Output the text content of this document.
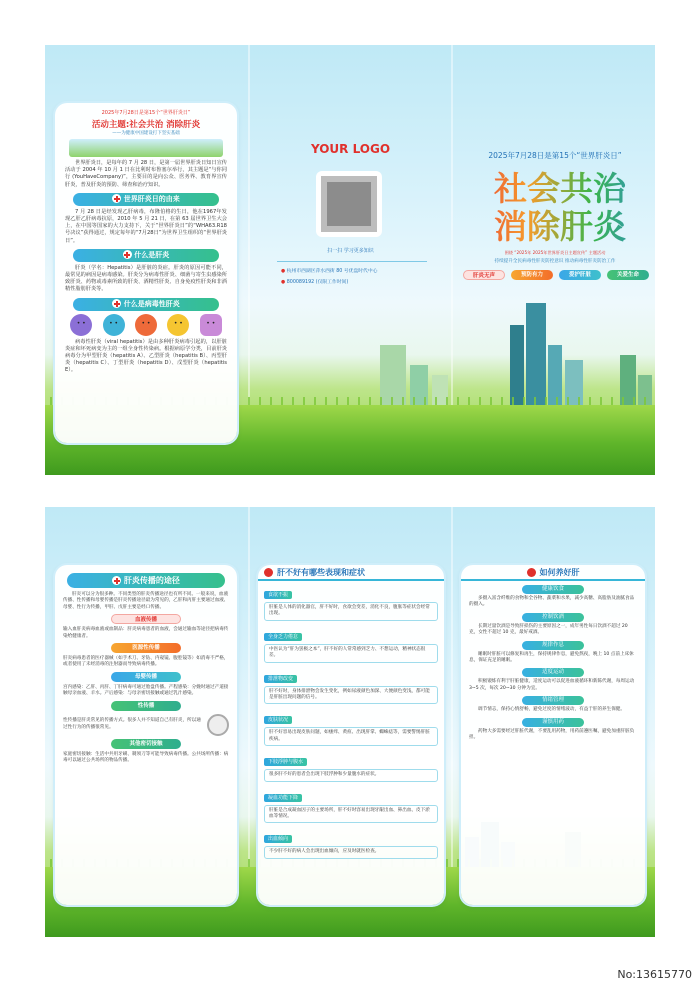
2025年7月28日是第15个“世界肝炎日”
活动主题:社会共治 消除肝炎
——为健康中国建设打下坚实基础

世界肝炎日，是每年的 7 月 28 日，是第一届世界肝炎日知日宣传活动于 2004 年 10 月 1 日在比利时布鲁塞尔举行，其主题是“与你同行 (YouHaveCompany)”，主要目的是向公众、医务界、教育界宣传肝炎，普及肝炎的预防、筛查和治疗知识。

世界肝炎日的由来

7 月 28 日是经发现乙肝病毒，布隆伯格的生日，他在1967年发现乙肝乙肝病毒抗原，2010 年 5 月 21 日，在第 63 届世界卫生大会上，在中国等国家的大力支持下，关于“世界肝炎日”的“WHA63.R18 号决议”获得通过，规定每年的“7月28日”为世界卫生组织的“世界肝炎日”。

什么是肝炎

肝炎（学名：Hepatitis）是肝脏的炎症。肝炎的原因可能不同，最常见的病因是病毒感染。肝炎分为病毒性肝炎、细菌与寄生虫感染所致肝炎、药物或毒素所致的肝炎、酒精性肝炎、自身免疫性肝炎和非酒精性脂肪肝炎等。

什么是病毒性肝炎
• •
• •
• •
• •
• •

病毒性肝炎（viral hepatitis）是由多种肝炎病毒引起的，以肝脏炎症和坏死病变为主的一组全身性传染病。根据病原学分类，目前肝炎病毒分为甲型肝炎（hepatitis A）、乙型肝炎（hepatitis B）、丙型肝炎（hepatitis C）、丁型肝炎（hepatitis D）、戊型肝炎（hepatitis E）。

YOUR LOGO
扫一扫 学习更多知识
● 杭州市西湖区萍水西街 80 号优盘时代中心
● 800089192 (仅限工作时间)
2025年7月28日是第15个“世界肝炎日”
社会共治
消除肝炎
围绕 “2025年 2025年世界肝炎日主题宣传” 主题活动
持续提升全民病毒性肝炎防控意识 推动病毒性肝炎防治工作
肝炎无声	预防有力	爱护肝脏	关爱生命
肝炎传播的途径

肝炎可以分为很多种。不同类型的肝炎传播途径也有所不同。一般来说，血液传播、性传播和母婴传播是肝炎传播途径最为常见的，乙肝和丙肝主要通过血液、母婴、性行为传播，甲肝、戊肝主要是经口传播。

血液传播

输入血肝炎病毒血液或血制品：肝炎病毒患者的血液，会通过输血等途径把病毒传染给健康者。

医源性传播

肝炎病毒患者的医疗器械（如手术刀、牙钻、内窥镜、腹腔镜等）如消毒不严格，或者使用了未经消毒的注射器而导致病毒传播。

母婴传播

宫内感染：乙肝、丙肝、丁肝病毒可通过胎盘传播。产程感染：分娩时通过产道接触母亲血液、羊水。产后感染：与母亲密切接触或通过乳汁感染。

性传播

性传播是肝炎常见的传播方式。很多人并不知道自己有肝炎，所以通过性行为的传播很常见。

其他密切接触

家庭密切接触：生活中共用牙刷、剃须刀等可能导致病毒传播。公共场所传播：病毒可以通过公共场所的物品传播。

肝不好有哪些表现和症状
食欲不振
肝脏是人体的消化器官，肝不好时，食欲会变差，消化不良，腹胀等症状会经常出现。
全身乏力倦怠
中医认为“肝为罢极之本”，肝不好的人常常感到乏力、不想运动，精神状态很差。
排泄物改变
肝不好时，身体排泄物会发生变化，例如尿液颜色加深、大便颜色变浅，都可能是肝脏出现问题的信号。
皮肤状况
肝不好容易出现皮肤问题，如瘙痒、黄疸、出现肝掌、蜘蛛痣等，需要警惕肝脏疾病。
下肢浮肿与腹水
很多肝不好的患者会出现下肢浮肿和少量腹水的症状。
凝血功能下降
肝脏是合成凝血因子的主要场所，肝不好时容易出现牙龈出血、鼻出血、皮下淤血等情况。
出血倾向
不少肝不好的病人会出现出血倾向，应及时就医检查。
如何养好肝
健康饮食

多摄入富含纤维的食物和全谷物、蔬菜和水果，减少高糖、高脂肪及油腻食品的摄入。

控制饮酒

长期过量饮酒是导致肝损伤的主要原因之一，成年男性每日饮酒不超过 20 克，女性不超过 10 克，最好戒酒。

规律作息

睡眠时肝脏可以修复和再生，保持规律作息，避免熬夜，晚上 10 点前上床休息，保证充足的睡眠。

适度运动

积极锻炼有利于肝脏健康，适度运动可以促进血液循环和新陈代谢，每周运动 3~5 次，每次 20~30 分钟为宜。

情绪管理

调节情志，保持心情舒畅，避免过度的情绪波动，有益于肝的养生保健。

谨慎用药

药物大多需要经过肝脏代谢，不要乱用药物，用药前遵医嘱，避免加重肝脏负担。

No:13615770
